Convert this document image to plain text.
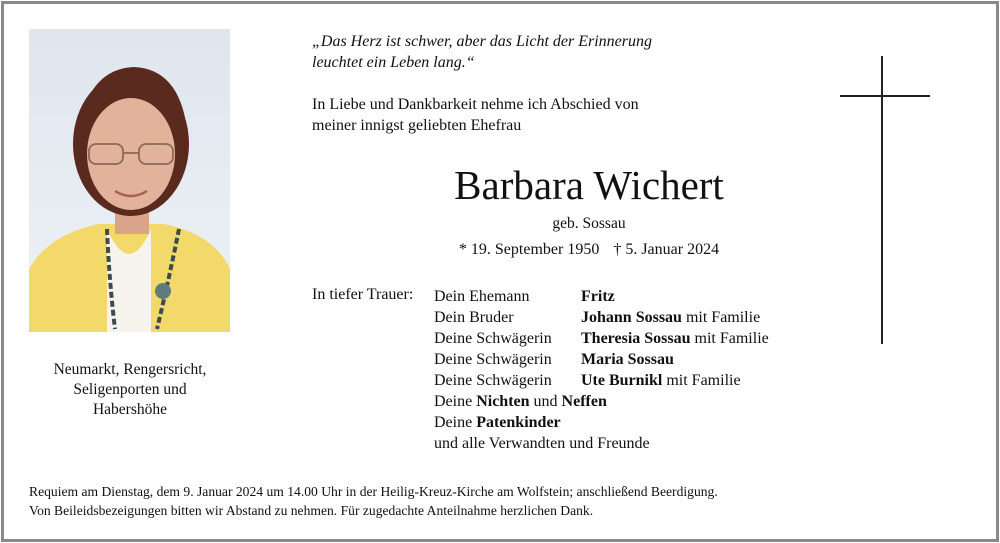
Neumarkt, Rengersricht,
Seligenporten und
Habershöhe
„Das Herz ist schwer, aber das Licht der Erinnerung
leuchtet ein Leben lang.“
In Liebe und Dankbarkeit nehme ich Abschied von
meiner innigst geliebten Ehefrau
Barbara Wichert
geb. Sossau
* 19. September 1950 † 5. Januar 2024
In tiefer Trauer: Dein Ehemann	Fritz
Dein Bruder	Johann Sossau mit Familie
Deine Schwägerin Theresia Sossau mit Familie
Deine Schwägerin Maria Sossau
Deine Schwägerin Ute Burnikl mit Familie
Deine Nichten und Neffen
Deine Patenkinder
und alle Verwandten und Freunde
Requiem am Dienstag, dem 9. Januar 2024 um 14.00 Uhr in der Heilig-Kreuz-Kirche am Wolfstein; anschließend Beerdigung.
Von Beileidsbezeigungen bitten wir Abstand zu nehmen. Für zugedachte Anteilnahme herzlichen Dank.
